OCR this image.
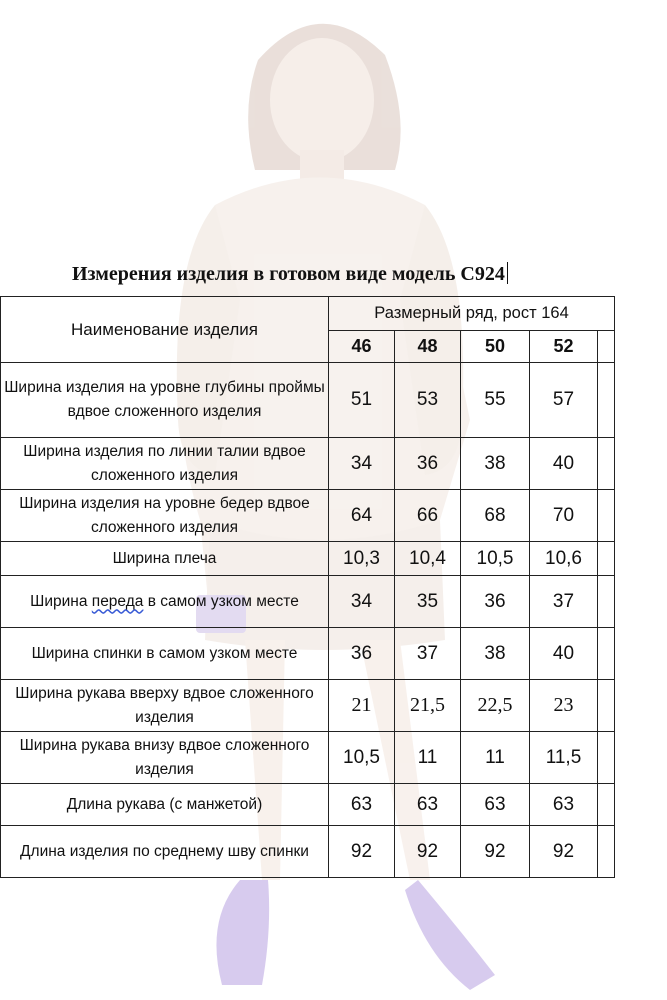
Измерения изделия в готовом виде модель С924
Наименование изделия	Размерный ряд, рост 164				
	46	48	50	52	
Ширина изделия на уровне глубины проймы вдвое сложенного изделия	51	53	55	57	
Ширина изделия по линии талии вдвое сложенного изделия	34	36	38	40	
Ширина изделия на уровне бедер вдвое сложенного изделия	64	66	68	70	
Ширина плеча	10,3	10,4	10,5	10,6	
Ширина переда в самом узком месте	34	35	36	37	
Ширина спинки в самом узком месте	36	37	38	40	
Ширина рукава вверху вдвое сложенного изделия	21	21,5	22,5	23	
Ширина рукава внизу вдвое сложенного изделия	10,5	11	11	11,5	
Длина рукава (с манжетой)	63	63	63	63	
Длина изделия по среднему шву спинки	92	92	92	92	
